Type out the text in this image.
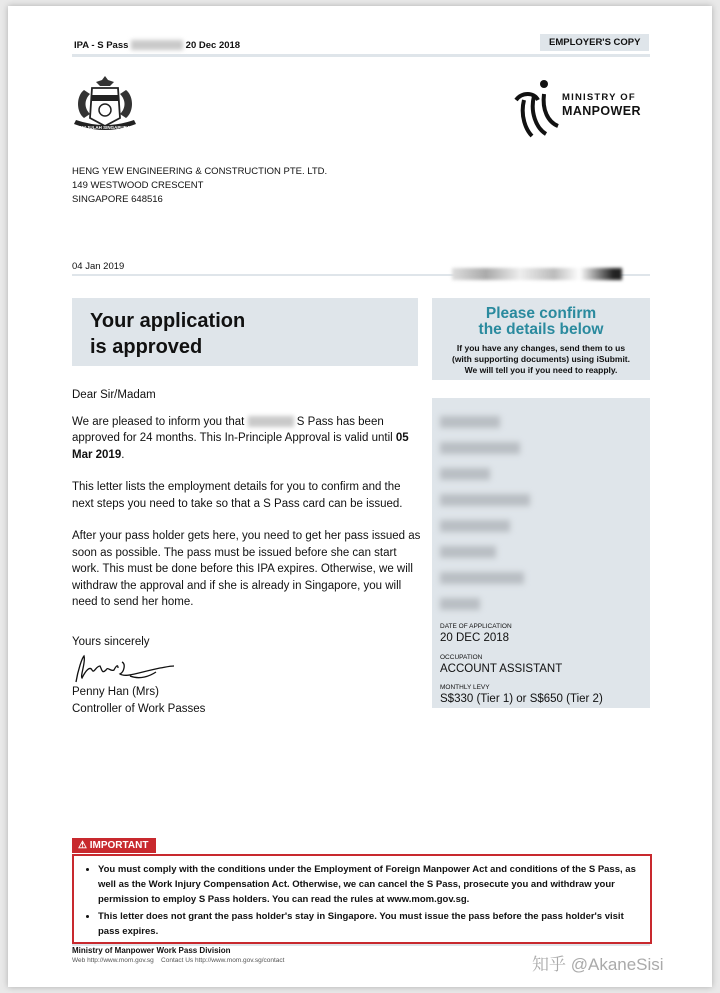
IPA - S Pass	20 Dec 2018	EMPLOYER'S COPY
MAJULAH SINGAPURA
MINISTRY OF
MANPOWER
HENG YEW ENGINEERING & CONSTRUCTION PTE. LTD.
149 WESTWOOD CRESCENT
SINGAPORE 648516
04 Jan 2019
Your application
is approved
Please confirm
the details below
If you have any changes, send them to us
(with supporting documents) using iSubmit.
We will tell you if you need to reapply.

Dear Sir/Madam

We are pleased to inform you that	S Pass has been approved for 24 months. This In-Principle Approval is valid until 05 Mar 2019.

This letter lists the employment details for you to confirm and the next steps you need to take so that a S Pass card can be issued.

After your pass holder gets here, you need to get her pass issued as soon as possible. The pass must be issued before she can start work. This must be done before this IPA expires. Otherwise, we will withdraw the approval and if she is already in Singapore, you will need to send her home.

Yours sincerely
Penny Han (Mrs)
Controller of Work Passes
DATE OF APPLICATION
20 DEC 2018
OCCUPATION
ACCOUNT ASSISTANT
MONTHLY LEVY
S$330 (Tier 1) or S$650 (Tier 2)
⚠ IMPORTANT
• You must comply with the conditions under the Employment of Foreign Manpower Act and conditions of the S Pass, as well as the Work Injury Compensation Act. Otherwise, we can cancel the S Pass, prosecute you and withdraw your permission to employ S Pass holders. You can read the rules at www.mom.gov.sg.
• This letter does not grant the pass holder's stay in Singapore. You must issue the pass before the pass holder's visit pass expires.
Ministry of Manpower Work Pass Division
Web http://www.mom.gov.sg Contact Us http://www.mom.gov.sg/contact	知乎 @AkaneSisi
